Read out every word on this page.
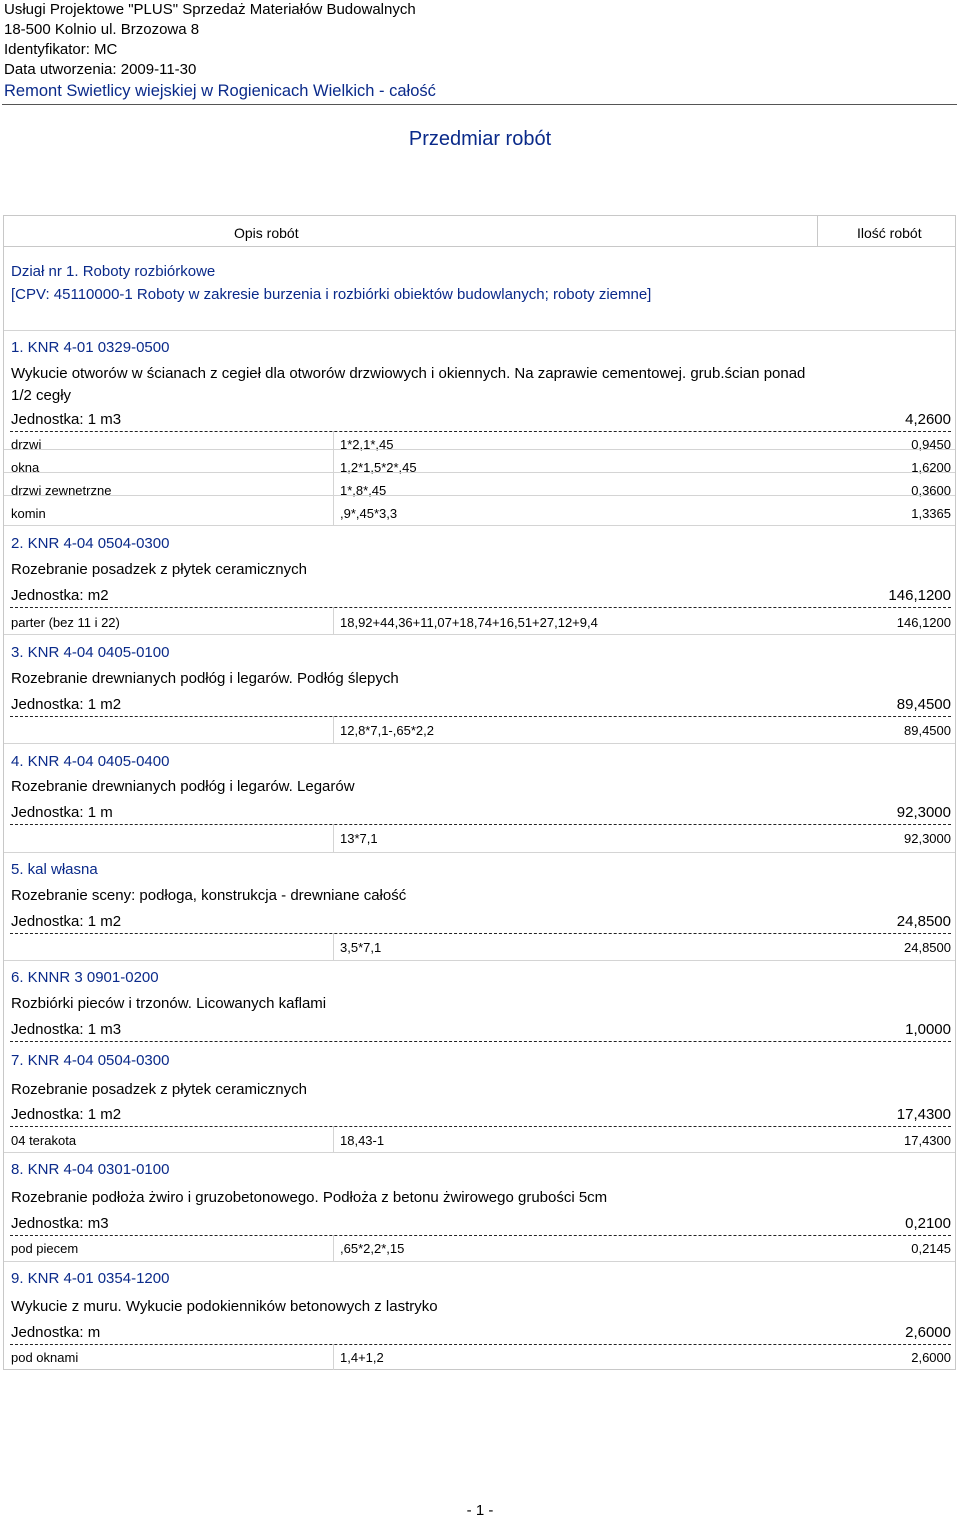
Usługi Projektowe "PLUS" Sprzedaż Materiałów Budowalnych
18-500 Kolnio ul. Brzozowa 8
Identyfikator: MC
Data utworzenia: 2009-11-30
Remont Swietlicy wiejskiej w Rogienicach Wielkich - całość
Przedmiar robót
Opis robót	Ilość robót
Dział nr 1. Roboty rozbiórkowe
[CPV: 45110000-1 Roboty w zakresie burzenia i rozbiórki obiektów budowlanych; roboty ziemne]
1. KNR 4-01 0329-0500
Wykucie otworów w ścianach z cegieł dla otworów drzwiowych i okiennych. Na zaprawie cementowej. grub.ścian ponad
1/2 cegły
Jednostka: 1 m3	4,2600
drzwi	1*2,1*,45	0,9450
okna	1,2*1,5*2*,45	1,6200
drzwi zewnetrzne	1*,8*,45	0,3600
komin	,9*,45*3,3	1,3365
2. KNR 4-04 0504-0300
Rozebranie posadzek z płytek ceramicznych
Jednostka: m2	146,1200
parter (bez 11 i 22)	18,92+44,36+11,07+18,74+16,51+27,12+9,4	146,1200
3. KNR 4-04 0405-0100
Rozebranie drewnianych podłóg i legarów. Podłóg ślepych
Jednostka: 1 m2	89,4500
12,8*7,1-,65*2,2	89,4500
4. KNR 4-04 0405-0400
Rozebranie drewnianych podłóg i legarów. Legarów
Jednostka: 1 m	92,3000
13*7,1	92,3000
5. kal własna
Rozebranie sceny: podłoga, konstrukcja - drewniane całość
Jednostka: 1 m2	24,8500
3,5*7,1	24,8500
6. KNNR 3 0901-0200
Rozbiórki pieców i trzonów. Licowanych kaflami
Jednostka: 1 m3	1,0000
7. KNR 4-04 0504-0300
Rozebranie posadzek z płytek ceramicznych
Jednostka: 1 m2	17,4300
04 terakota	18,43-1	17,4300
8. KNR 4-04 0301-0100
Rozebranie podłoża żwiro i gruzobetonowego. Podłoża z betonu żwirowego grubości 5cm
Jednostka: m3	0,2100
pod piecem	,65*2,2*,15	0,2145
9. KNR 4-01 0354-1200
Wykucie z muru. Wykucie podokienników betonowych z lastryko
Jednostka: m	2,6000
pod oknami	1,4+1,2	2,6000
- 1 -
